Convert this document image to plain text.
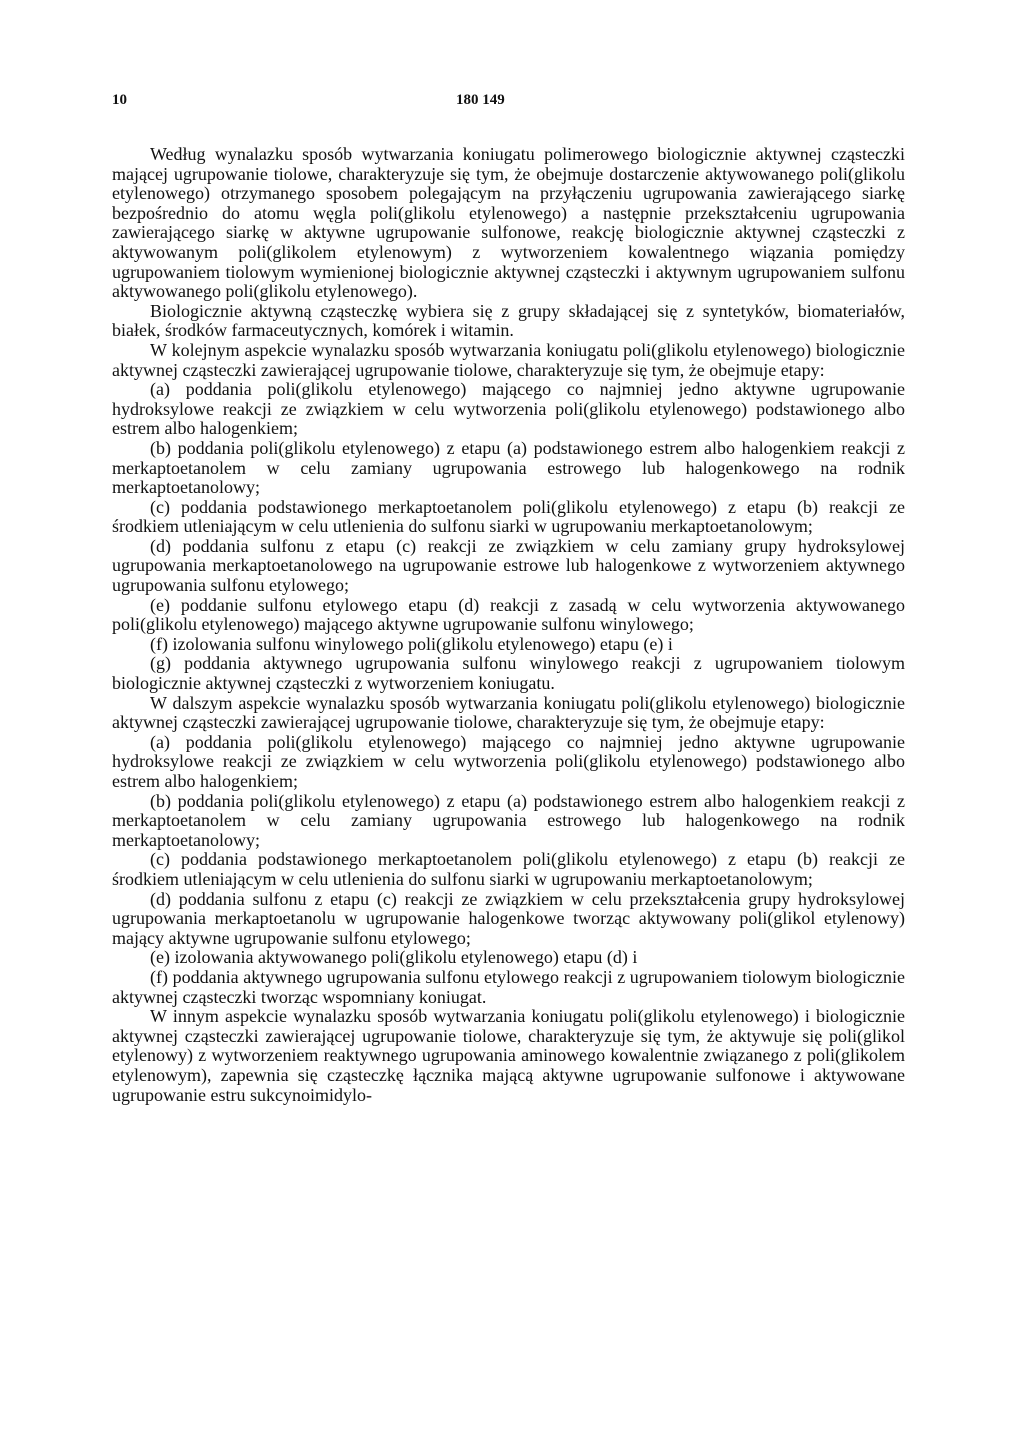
10	180 149

Według wynalazku sposób wytwarzania koniugatu polimerowego biologicznie aktywnej cząsteczki mającej ugrupowanie tiolowe, charakteryzuje się tym, że obejmuje dostarczenie aktywowanego poli(glikolu etylenowego) otrzymanego sposobem polegającym na przyłączeniu ugrupowania zawierającego siarkę bezpośrednio do atomu węgla poli(glikolu etylenowego) a następnie przekształceniu ugrupowania zawierającego siarkę w aktywne ugrupowanie sulfonowe, reakcję biologicznie aktywnej cząsteczki z aktywowanym poli(glikolem etylenowym) z wytworzeniem kowalentnego wiązania pomiędzy ugrupowaniem tiolowym wymienionej biologicznie aktywnej cząsteczki i aktywnym ugrupowaniem sulfonu aktywowanego poli(glikolu etylenowego).

Biologicznie aktywną cząsteczkę wybiera się z grupy składającej się z syntetyków, biomateriałów, białek, środków farmaceutycznych, komórek i witamin.

W kolejnym aspekcie wynalazku sposób wytwarzania koniugatu poli(glikolu etylenowego) biologicznie aktywnej cząsteczki zawierającej ugrupowanie tiolowe, charakteryzuje się tym, że obejmuje etapy:

(a) poddania poli(glikolu etylenowego) mającego co najmniej jedno aktywne ugrupowanie hydroksylowe reakcji ze związkiem w celu wytworzenia poli(glikolu etylenowego) podstawionego albo estrem albo halogenkiem;

(b) poddania poli(glikolu etylenowego) z etapu (a) podstawionego estrem albo halogenkiem reakcji z merkaptoetanolem w celu zamiany ugrupowania estrowego lub halogenkowego na rodnik merkaptoetanolowy;

(c) poddania podstawionego merkaptoetanolem poli(glikolu etylenowego) z etapu (b) reakcji ze środkiem utleniającym w celu utlenienia do sulfonu siarki w ugrupowaniu merkaptoetanolowym;

(d) poddania sulfonu z etapu (c) reakcji ze związkiem w celu zamiany grupy hydroksylowej ugrupowania merkaptoetanolowego na ugrupowanie estrowe lub halogenkowe z wytworzeniem aktywnego ugrupowania sulfonu etylowego;

(e) poddanie sulfonu etylowego etapu (d) reakcji z zasadą w celu wytworzenia aktywowanego poli(glikolu etylenowego) mającego aktywne ugrupowanie sulfonu winylowego;

(f) izolowania sulfonu winylowego poli(glikolu etylenowego) etapu (e) i

(g) poddania aktywnego ugrupowania sulfonu winylowego reakcji z ugrupowaniem tiolowym biologicznie aktywnej cząsteczki z wytworzeniem koniugatu.

W dalszym aspekcie wynalazku sposób wytwarzania koniugatu poli(glikolu etylenowego) biologicznie aktywnej cząsteczki zawierającej ugrupowanie tiolowe, charakteryzuje się tym, że obejmuje etapy:

(a) poddania poli(glikolu etylenowego) mającego co najmniej jedno aktywne ugrupowanie hydroksylowe reakcji ze związkiem w celu wytworzenia poli(glikolu etylenowego) podstawionego albo estrem albo halogenkiem;

(b) poddania poli(glikolu etylenowego) z etapu (a) podstawionego estrem albo halogenkiem reakcji z merkaptoetanolem w celu zamiany ugrupowania estrowego lub halogenkowego na rodnik merkaptoetanolowy;

(c) poddania podstawionego merkaptoetanolem poli(glikolu etylenowego) z etapu (b) reakcji ze środkiem utleniającym w celu utlenienia do sulfonu siarki w ugrupowaniu merkaptoetanolowym;

(d) poddania sulfonu z etapu (c) reakcji ze związkiem w celu przekształcenia grupy hydroksylowej ugrupowania merkaptoetanolu w ugrupowanie halogenkowe tworząc aktywowany poli(glikol etylenowy) mający aktywne ugrupowanie sulfonu etylowego;

(e) izolowania aktywowanego poli(glikolu etylenowego) etapu (d) i

(f) poddania aktywnego ugrupowania sulfonu etylowego reakcji z ugrupowaniem tiolowym biologicznie aktywnej cząsteczki tworząc wspomniany koniugat.

W innym aspekcie wynalazku sposób wytwarzania koniugatu poli(glikolu etylenowego) i biologicznie aktywnej cząsteczki zawierającej ugrupowanie tiolowe, charakteryzuje się tym, że aktywuje się poli(glikol etylenowy) z wytworzeniem reaktywnego ugrupowania aminowego kowalentnie związanego z poli(glikolem etylenowym), zapewnia się cząsteczkę łącznika mającą aktywne ugrupowanie sulfonowe i aktywowane ugrupowanie estru sukcynoimidylo-
